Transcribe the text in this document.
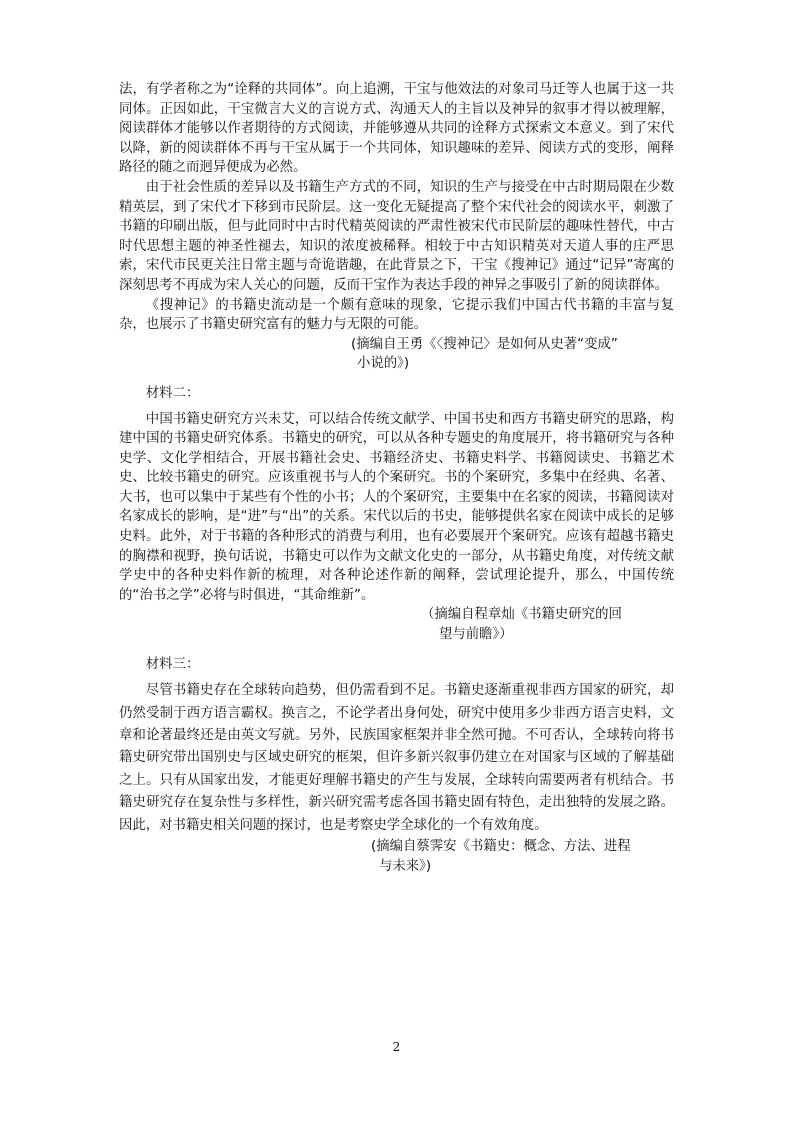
法，有学者称之为“诠释的共同体”。向上追溯，干宝与他效法的对象司马迁等人也属于这一共同体。正因如此，干宝微言大义的言说方式、沟通天人的主旨以及神异的叙事才得以被理解，阅读群体才能够以作者期待的方式阅读，并能够遵从共同的诠释方式探索文本意义。到了宋代以降，新的阅读群体不再与干宝从属于一个共同体，知识趣味的差异、阅读方式的变形，阐释路径的随之而迥异便成为必然。

由于社会性质的差异以及书籍生产方式的不同，知识的生产与接受在中古时期局限在少数精英层，到了宋代才下移到市民阶层。这一变化无疑提高了整个宋代社会的阅读水平，刺激了书籍的印刷出版，但与此同时中古时代精英阅读的严肃性被宋代市民阶层的趣味性替代，中古时代思想主题的神圣性褪去，知识的浓度被稀释。相较于中古知识精英对天道人事的庄严思索，宋代市民更关注日常主题与奇诡谐趣，在此背景之下，干宝《搜神记》通过“记异”寄寓的深刻思考不再成为宋人关心的问题，反而干宝作为表达手段的神异之事吸引了新的阅读群体。

《搜神记》的书籍史流动是一个颇有意味的现象，它提示我们中国古代书籍的丰富与复杂，也展示了书籍史研究富有的魅力与无限的可能。

(摘编自王勇《〈搜神记〉是如何从史著“变成”

小说的》)

材料二：

中国书籍史研究方兴未艾，可以结合传统文献学、中国书史和西方书籍史研究的思路，构建中国的书籍史研究体系。书籍史的研究，可以从各种专题史的角度展开，将书籍研究与各种史学、文化学相结合，开展书籍社会史、书籍经济史、书籍史料学、书籍阅读史、书籍艺术史、比较书籍史的研究。应该重视书与人的个案研究。书的个案研究，多集中在经典、名著、大书，也可以集中于某些有个性的小书；人的个案研究，主要集中在名家的阅读，书籍阅读对名家成长的影响，是“进”与“出”的关系。宋代以后的书史，能够提供名家在阅读中成长的足够史料。此外，对于书籍的各种形式的消费与利用，也有必要展开个案研究。应该有超越书籍史的胸襟和视野，换句话说，书籍史可以作为文献文化史的一部分，从书籍史角度，对传统文献学史中的各种史料作新的梳理，对各种论述作新的阐释，尝试理论提升，那么，中国传统的“治书之学”必将与时俱进，“其命维新”。

（摘编自程章灿《书籍史研究的回

望与前瞻》）

材料三：

尽管书籍史存在全球转向趋势，但仍需看到不足。书籍史逐渐重视非西方国家的研究，却仍然受制于西方语言霸权。换言之，不论学者出身何处，研究中使用多少非西方语言史料，文章和论著最终还是由英文写就。另外，民族国家框架并非全然可抛。不可否认，全球转向将书籍史研究带出国别史与区域史研究的框架，但许多新兴叙事仍建立在对国家与区域的了解基础之上。只有从国家出发，才能更好理解书籍史的产生与发展，全球转向需要两者有机结合。书籍史研究存在复杂性与多样性，新兴研究需考虑各国书籍史固有特色，走出独特的发展之路。因此，对书籍史相关问题的探讨，也是考察史学全球化的一个有效角度。

(摘编自蔡霁安《书籍史：概念、方法、进程

与未来》)

2
